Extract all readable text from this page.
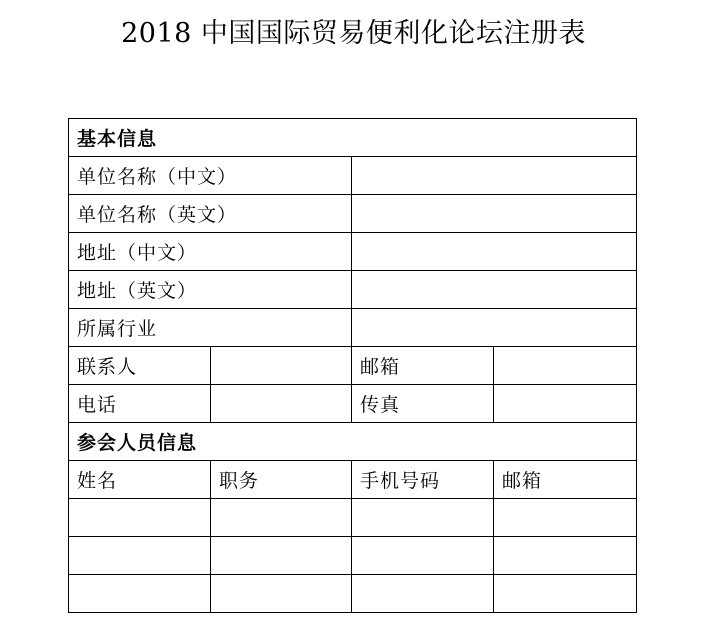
2018 中国国际贸易便利化论坛注册表
基本信息			
单位名称（中文）			
单位名称（英文）			
地址（中文）			
地址（英文）			
所属行业			
联系人		邮箱	
电话		传真	
参会人员信息			
姓名	职务	手机号码	邮箱
